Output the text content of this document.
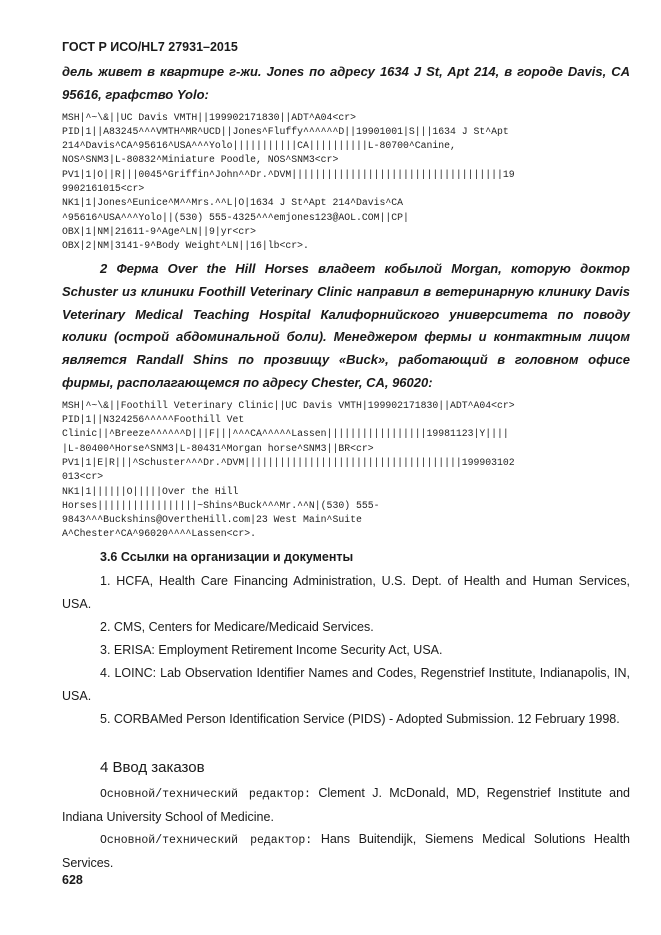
ГОСТ Р ИСО/HL7 27931–2015

дель живет в квартире г-жи. Jones по адресу 1634 J St, Apt 214, в городе Davis, CA 95616, графство Yolo:

MSH|^~\&||UC Davis VMTH||199902171830||ADT^A04<cr>
PID|1||A83245^^^VMTH^MR^UCD||Jones^Fluffy^^^^^^D||19901001|S|||1634 J St^Apt
214^Davis^CA^95616^USA^^^Yolo|||||||||||CA||||||||||L-80700^Canine,
NOS^SNM3|L-80832^Miniature Poodle, NOS^SNM3<cr>
PV1|1|O||R|||0045^Griffin^John^^Dr.^DVM||||||||||||||||||||||||||||||||||||19
9902161015<cr>
NK1|1|Jones^Eunice^M^^Mrs.^^L|O|1634 J St^Apt 214^Davis^CA
^95616^USA^^^Yolo||(530) 555-4325^^^emjones123@AOL.COM||CP|
OBX|1|NM|21611-9^Age^LN||9|yr<cr>
OBX|2|NM|3141-9^Body Weight^LN||16|lb<cr>.

2 Ферма Over the Hill Horses владеет кобылой Morgan, которую доктор Schuster из клиники Foothill Veterinary Clinic направил в ветеринарную клинику Davis Veterinary Medical Teaching Hospital Калифорнийского университета по поводу колики (острой абдоминальной боли). Менеджером фермы и контактным лицом является Randall Shins по прозвищу «Buck», работающий в головном офисе фирмы, располагающемся по адресу Chester, CA, 96020:

MSH|^~\&||Foothill Veterinary Clinic||UC Davis VMTH|199902171830||ADT^A04<cr>
PID|1||N324256^^^^^Foothill Vet
Clinic||^Breeze^^^^^^D|||F|||^^^CA^^^^^Lassen|||||||||||||||||19981123|Y||||
|L-80400^Horse^SNM3|L-80431^Morgan horse^SNM3||BR<cr>
PV1|1|E|R|||^Schuster^^^Dr.^DVM|||||||||||||||||||||||||||||||||||||199903102
013<cr>
NK1|1||||||O|||||Over the Hill
Horses|||||||||||||||||~Shins^Buck^^^Mr.^^N|(530) 555-
9843^^^Buckshins@OvertheHill.com|23 West Main^Suite
A^Chester^CA^96020^^^^Lassen<cr>.
3.6 Ссылки на организации и документы

1. HCFA, Health Care Financing Administration, U.S. Dept. of Health and Human Services, USA.

2. CMS, Centers for Medicare/Medicaid Services.

3. ERISA: Employment Retirement Income Security Act, USA.

4. LOINC: Lab Observation Identifier Names and Codes, Regenstrief Institute, Indianapolis, IN, USA.

5. CORBAMed Person Identification Service (PIDS) - Adopted Submission. 12 February 1998.

4 Ввод заказов

Основной/технический редактор: Clement J. McDonald, MD, Regenstrief Institute and Indiana University School of Medicine.

Основной/технический редактор: Hans Buitendijk, Siemens Medical Solutions Health Services.

628
